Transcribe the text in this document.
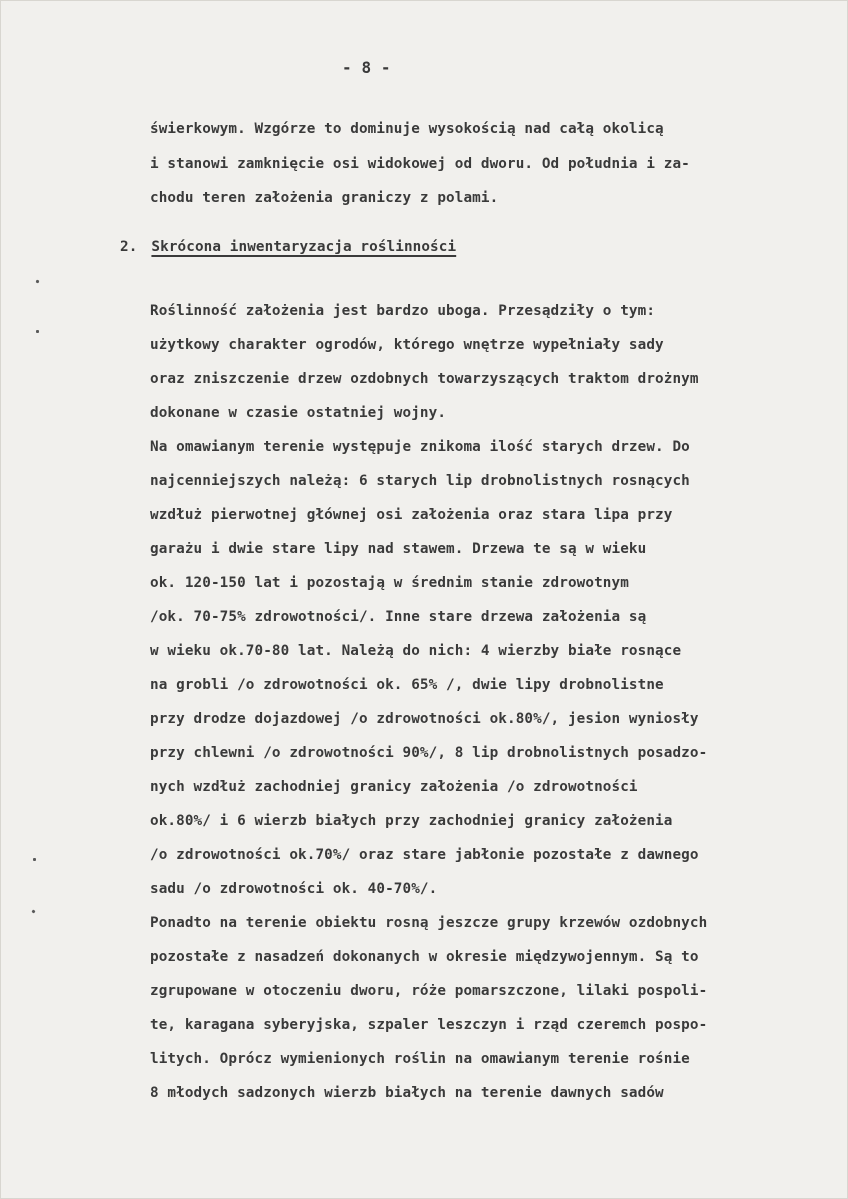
- 8 -

świerkowym. Wzgórze to dominuje wysokością nad całą okolicą

i stanowi zamknięcie osi widokowej od dworu. Od południa i za-

chodu teren założenia graniczy z polami.

2. Skrócona inwentaryzacja roślinności

Roślinność założenia jest bardzo uboga. Przesądziły o tym:

użytkowy charakter ogrodów, którego wnętrze wypełniały sady

oraz zniszczenie drzew ozdobnych towarzyszących traktom drożnym

dokonane w czasie ostatniej wojny.

Na omawianym terenie występuje znikoma ilość starych drzew. Do

najcenniejszych należą: 6 starych lip drobnolistnych rosnących

wzdłuż pierwotnej głównej osi założenia oraz stara lipa przy

garażu i dwie stare lipy nad stawem. Drzewa te są w wieku

ok. 120-150 lat i pozostają w średnim stanie zdrowotnym

/ok. 70-75% zdrowotności/. Inne stare drzewa założenia są

w wieku ok.70-80 lat. Należą do nich: 4 wierzby białe rosnące

na grobli /o zdrowotności ok. 65% /, dwie lipy drobnolistne

przy drodze dojazdowej /o zdrowotności ok.80%/, jesion wyniosły

przy chlewni /o zdrowotności 90%/, 8 lip drobnolistnych posadzo-

nych wzdłuż zachodniej granicy założenia /o zdrowotności

ok.80%/ i 6 wierzb białych przy zachodniej granicy założenia

/o zdrowotności ok.70%/ oraz stare jabłonie pozostałe z dawnego

sadu /o zdrowotności ok. 40-70%/.

Ponadto na terenie obiektu rosną jeszcze grupy krzewów ozdobnych

pozostałe z nasadzeń dokonanych w okresie międzywojennym. Są to

zgrupowane w otoczeniu dworu, róże pomarszczone, lilaki pospoli-

te, karagana syberyjska, szpaler leszczyn i rząd czeremch pospo-

litych. Oprócz wymienionych roślin na omawianym terenie rośnie

8 młodych sadzonych wierzb białych na terenie dawnych sadów
